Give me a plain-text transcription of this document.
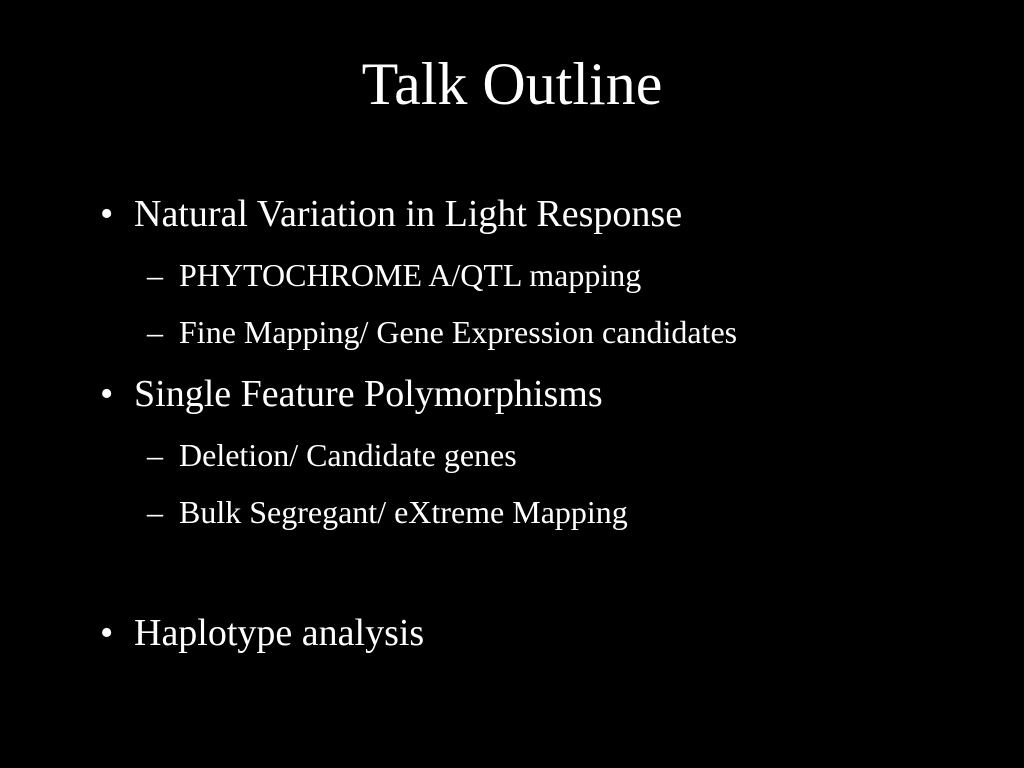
Talk Outline
• Natural Variation in Light Response
– PHYTOCHROME A/QTL mapping
– Fine Mapping/ Gene Expression candidates
• Single Feature Polymorphisms
– Deletion/ Candidate genes
– Bulk Segregant/ eXtreme Mapping
• Haplotype analysis
